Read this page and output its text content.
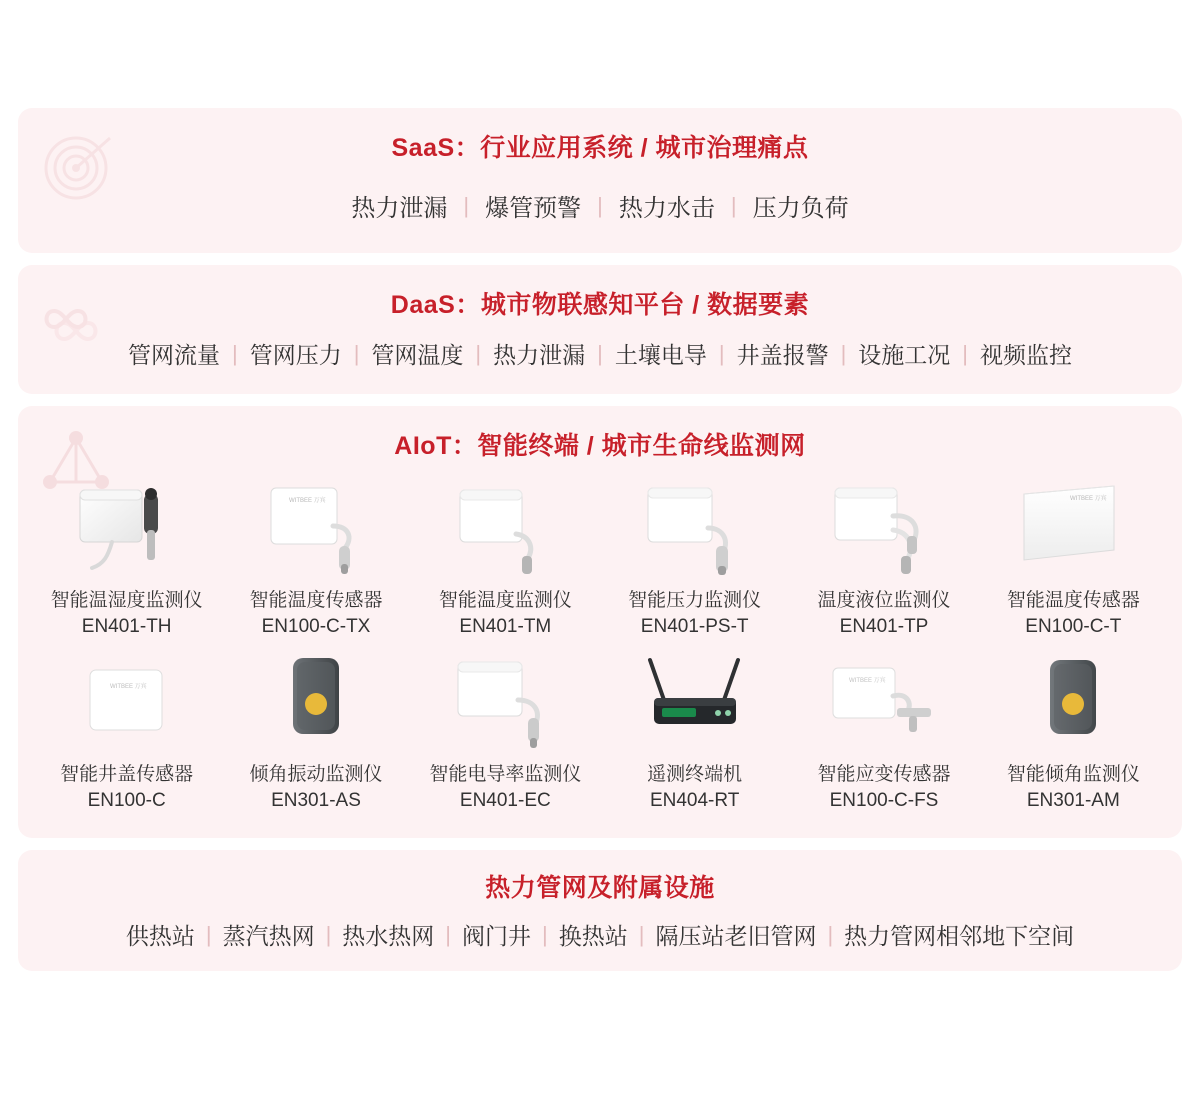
SaaS：行业应用系统 / 城市治理痛点
热力泄漏 | 爆管预警 | 热力水击 | 压力负荷
DaaS：城市物联感知平台 / 数据要素
管网流量 | 管网压力 | 管网温度 | 热力泄漏 | 土壤电导 | 井盖报警 | 设施工况 | 视频监控
AIoT：智能终端 / 城市生命线监测网
智能温湿度监测仪
EN401-TH
WITBEE 万宾
智能温度传感器
EN100-C-TX
智能温度监测仪
EN401-TM
智能压力监测仪
EN401-PS-T
温度液位监测仪
EN401-TP
WITBEE 万宾
智能温度传感器
EN100-C-T
WITBEE 万宾
智能井盖传感器
EN100-C
倾角振动监测仪
EN301-AS
智能电导率监测仪
EN401-EC
遥测终端机
EN404-RT
WITBEE 万宾
智能应变传感器
EN100-C-FS
智能倾角监测仪
EN301-AM
热力管网及附属设施
供热站 | 蒸汽热网 | 热水热网 | 阀门井 | 换热站 | 隔压站老旧管网 | 热力管网相邻地下空间
